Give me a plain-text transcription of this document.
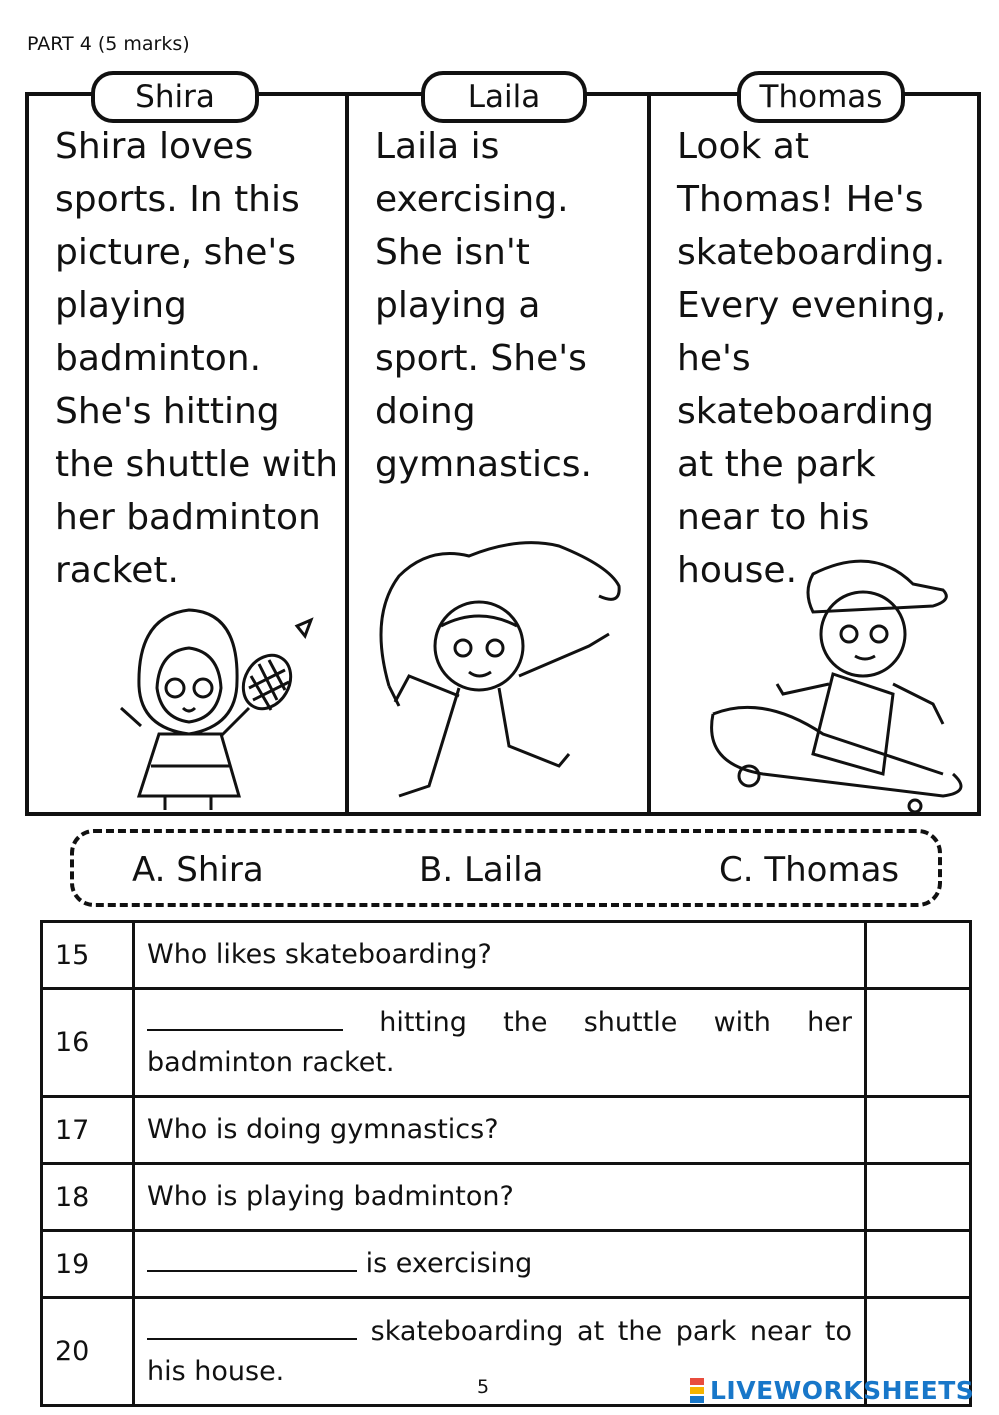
PART 4 (5 marks)
Shira
Shira loves
sports. In this
picture, she's
playing
badminton.
She's hitting
the shuttle with
her badminton
racket.
Laila
Laila is
exercising.
She isn't
playing a
sport. She's
doing
gymnastics.
Thomas
Look at
Thomas! He's
skateboarding.
Every evening,
he's
skateboarding
at the park
near to his
house.
A. Shira	B. Laila	C. Thomas
15	Who likes skateboarding?	
16	hitting the shuttle with her badminton racket.	
17	Who is doing gymnastics?	
18	Who is playing badminton?	
19	is exercising	
20	skateboarding at the park near to his house.	
5	LIVEWORKSHEETS
